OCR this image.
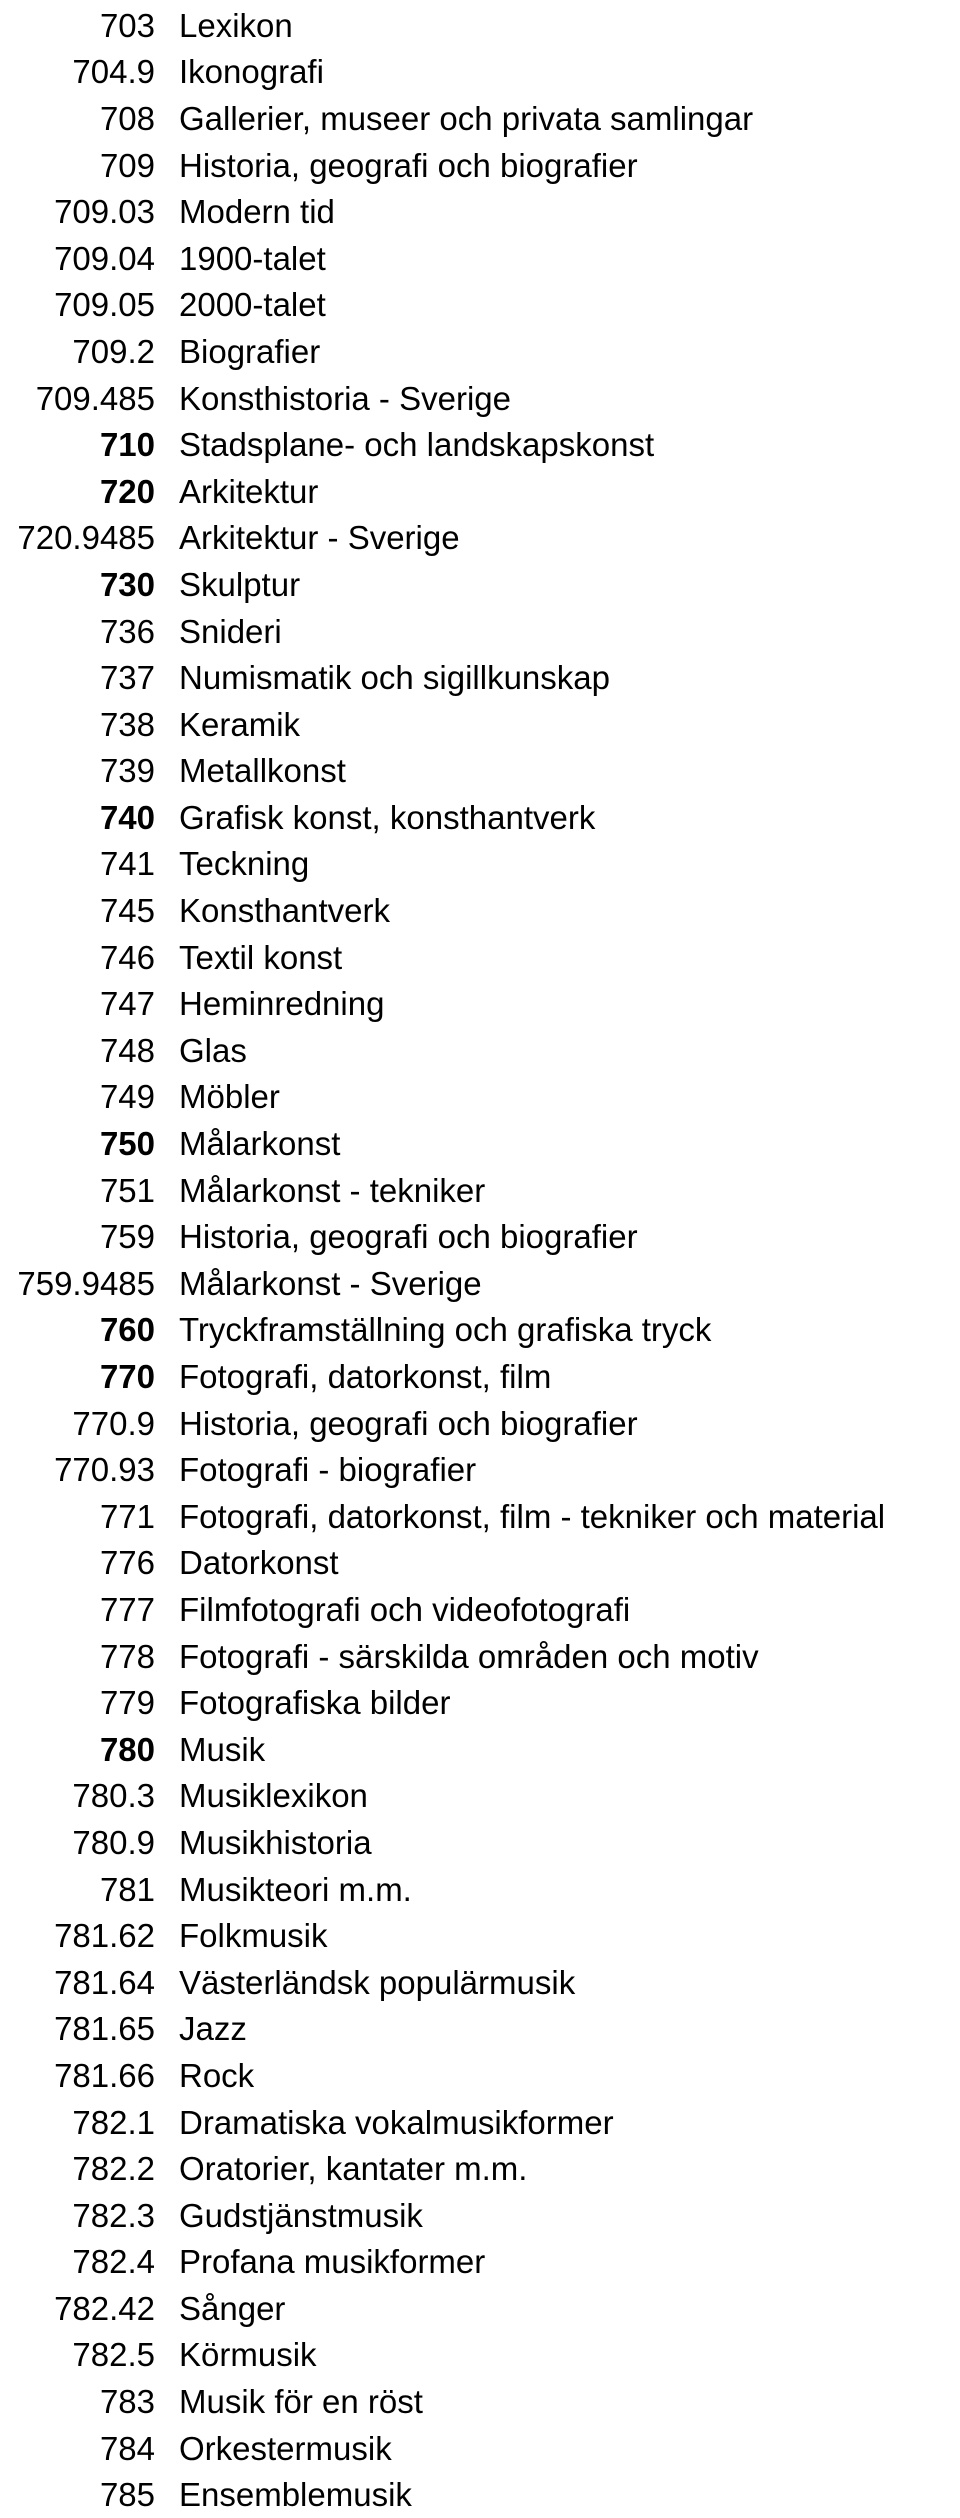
703 Lexikon
704.9 Ikonografi
708 Gallerier, museer och privata samlingar
709 Historia, geografi och biografier
709.03 Modern tid
709.04 1900-talet
709.05 2000-talet
709.2 Biografier
709.485 Konsthistoria - Sverige
710 Stadsplane- och landskapskonst
720 Arkitektur
720.9485 Arkitektur - Sverige
730 Skulptur
736 Snideri
737 Numismatik och sigillkunskap
738 Keramik
739 Metallkonst
740 Grafisk konst, konsthantverk
741 Teckning
745 Konsthantverk
746 Textil konst
747 Heminredning
748 Glas
749 Möbler
750 Målarkonst
751 Målarkonst - tekniker
759 Historia, geografi och biografier
759.9485 Målarkonst - Sverige
760 Tryckframställning och grafiska tryck
770 Fotografi, datorkonst, film
770.9 Historia, geografi och biografier
770.93 Fotografi - biografier
771 Fotografi, datorkonst, film - tekniker och material
776 Datorkonst
777 Filmfotografi och videofotografi
778 Fotografi - särskilda områden och motiv
779 Fotografiska bilder
780 Musik
780.3 Musiklexikon
780.9 Musikhistoria
781 Musikteori m.m.
781.62 Folkmusik
781.64 Västerländsk populärmusik
781.65 Jazz
781.66 Rock
782.1 Dramatiska vokalmusikformer
782.2 Oratorier, kantater m.m.
782.3 Gudstjänstmusik
782.4 Profana musikformer
782.42 Sånger
782.5 Körmusik
783 Musik för en röst
784 Orkestermusik
785 Ensemblemusik
